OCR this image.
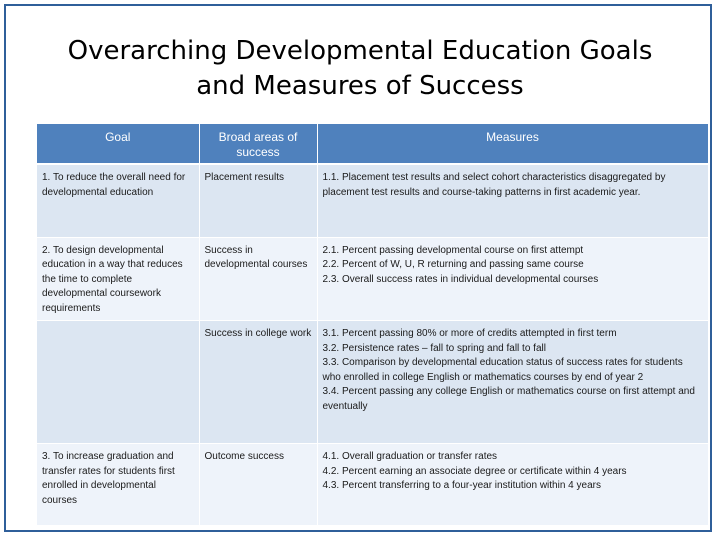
Overarching Developmental Education Goals
and Measures of Success
Goal	Broad areas of success	Measures
1. To reduce the overall need for developmental education	Placement results	1.1. Placement test results and select cohort characteristics disaggregated by placement test results and course-taking patterns in first academic year.

2. To design developmental education in a way that reduces the time to complete developmental coursework requirements	Success in developmental courses	2.1. Percent passing developmental course on first attempt
2.2. Percent of W, U, R returning and passing same course
2.3. Overall success rates in individual developmental courses

	Success in college work	3.1. Percent passing 80% or more of credits attempted in first term
3.2. Persistence rates – fall to spring and fall to fall
3.3. Comparison by developmental education status of success rates for students who enrolled in college English or mathematics courses by end of year 2
3.4. Percent passing any college English or mathematics course on first attempt and eventually

3. To increase graduation and transfer rates for students first enrolled in developmental courses	Outcome success	4.1. Overall graduation or transfer rates
4.2. Percent earning an associate degree or certificate within 4 years
4.3. Percent transferring to a four-year institution within 4 years
